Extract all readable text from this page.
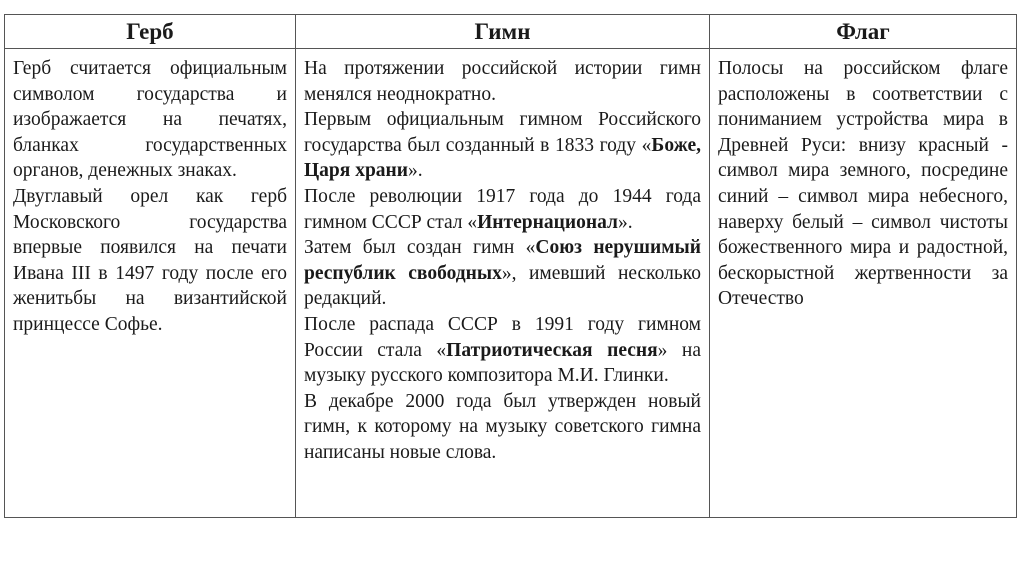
Герб	Гимн	Флаг

Герб считается официальным символом государства и изображается на печатях, бланках государственных органов, денежных знаках.

Двуглавый орел как герб Московского государства впервые появился на печати Ивана III в 1497 году после его женитьбы на византийской принцессе Софье.

На протяжении российской истории гимн менялся неоднократно.

Первым официальным гимном Российского государства был созданный в 1833 году «Боже, Царя храни».

После революции 1917 года до 1944 года гимном СССР стал «Интернационал».

Затем был создан гимн «Союз нерушимый республик свободных», имевший несколько редакций.

После распада СССР в 1991 году гимном России стала «Патриотическая песня» на музыку русского композитора М.И. Глинки.

В декабре 2000 года был утвержден новый гимн, к которому на музыку советского гимна написаны новые слова.

Полосы на российском флаге расположены в соответствии с пониманием устройства мира в Древней Руси: внизу красный - символ мира земного, посредине синий – символ мира небесного, наверху белый – символ чистоты божественного мира и радостной, бескорыстной жертвенности за Отечество
